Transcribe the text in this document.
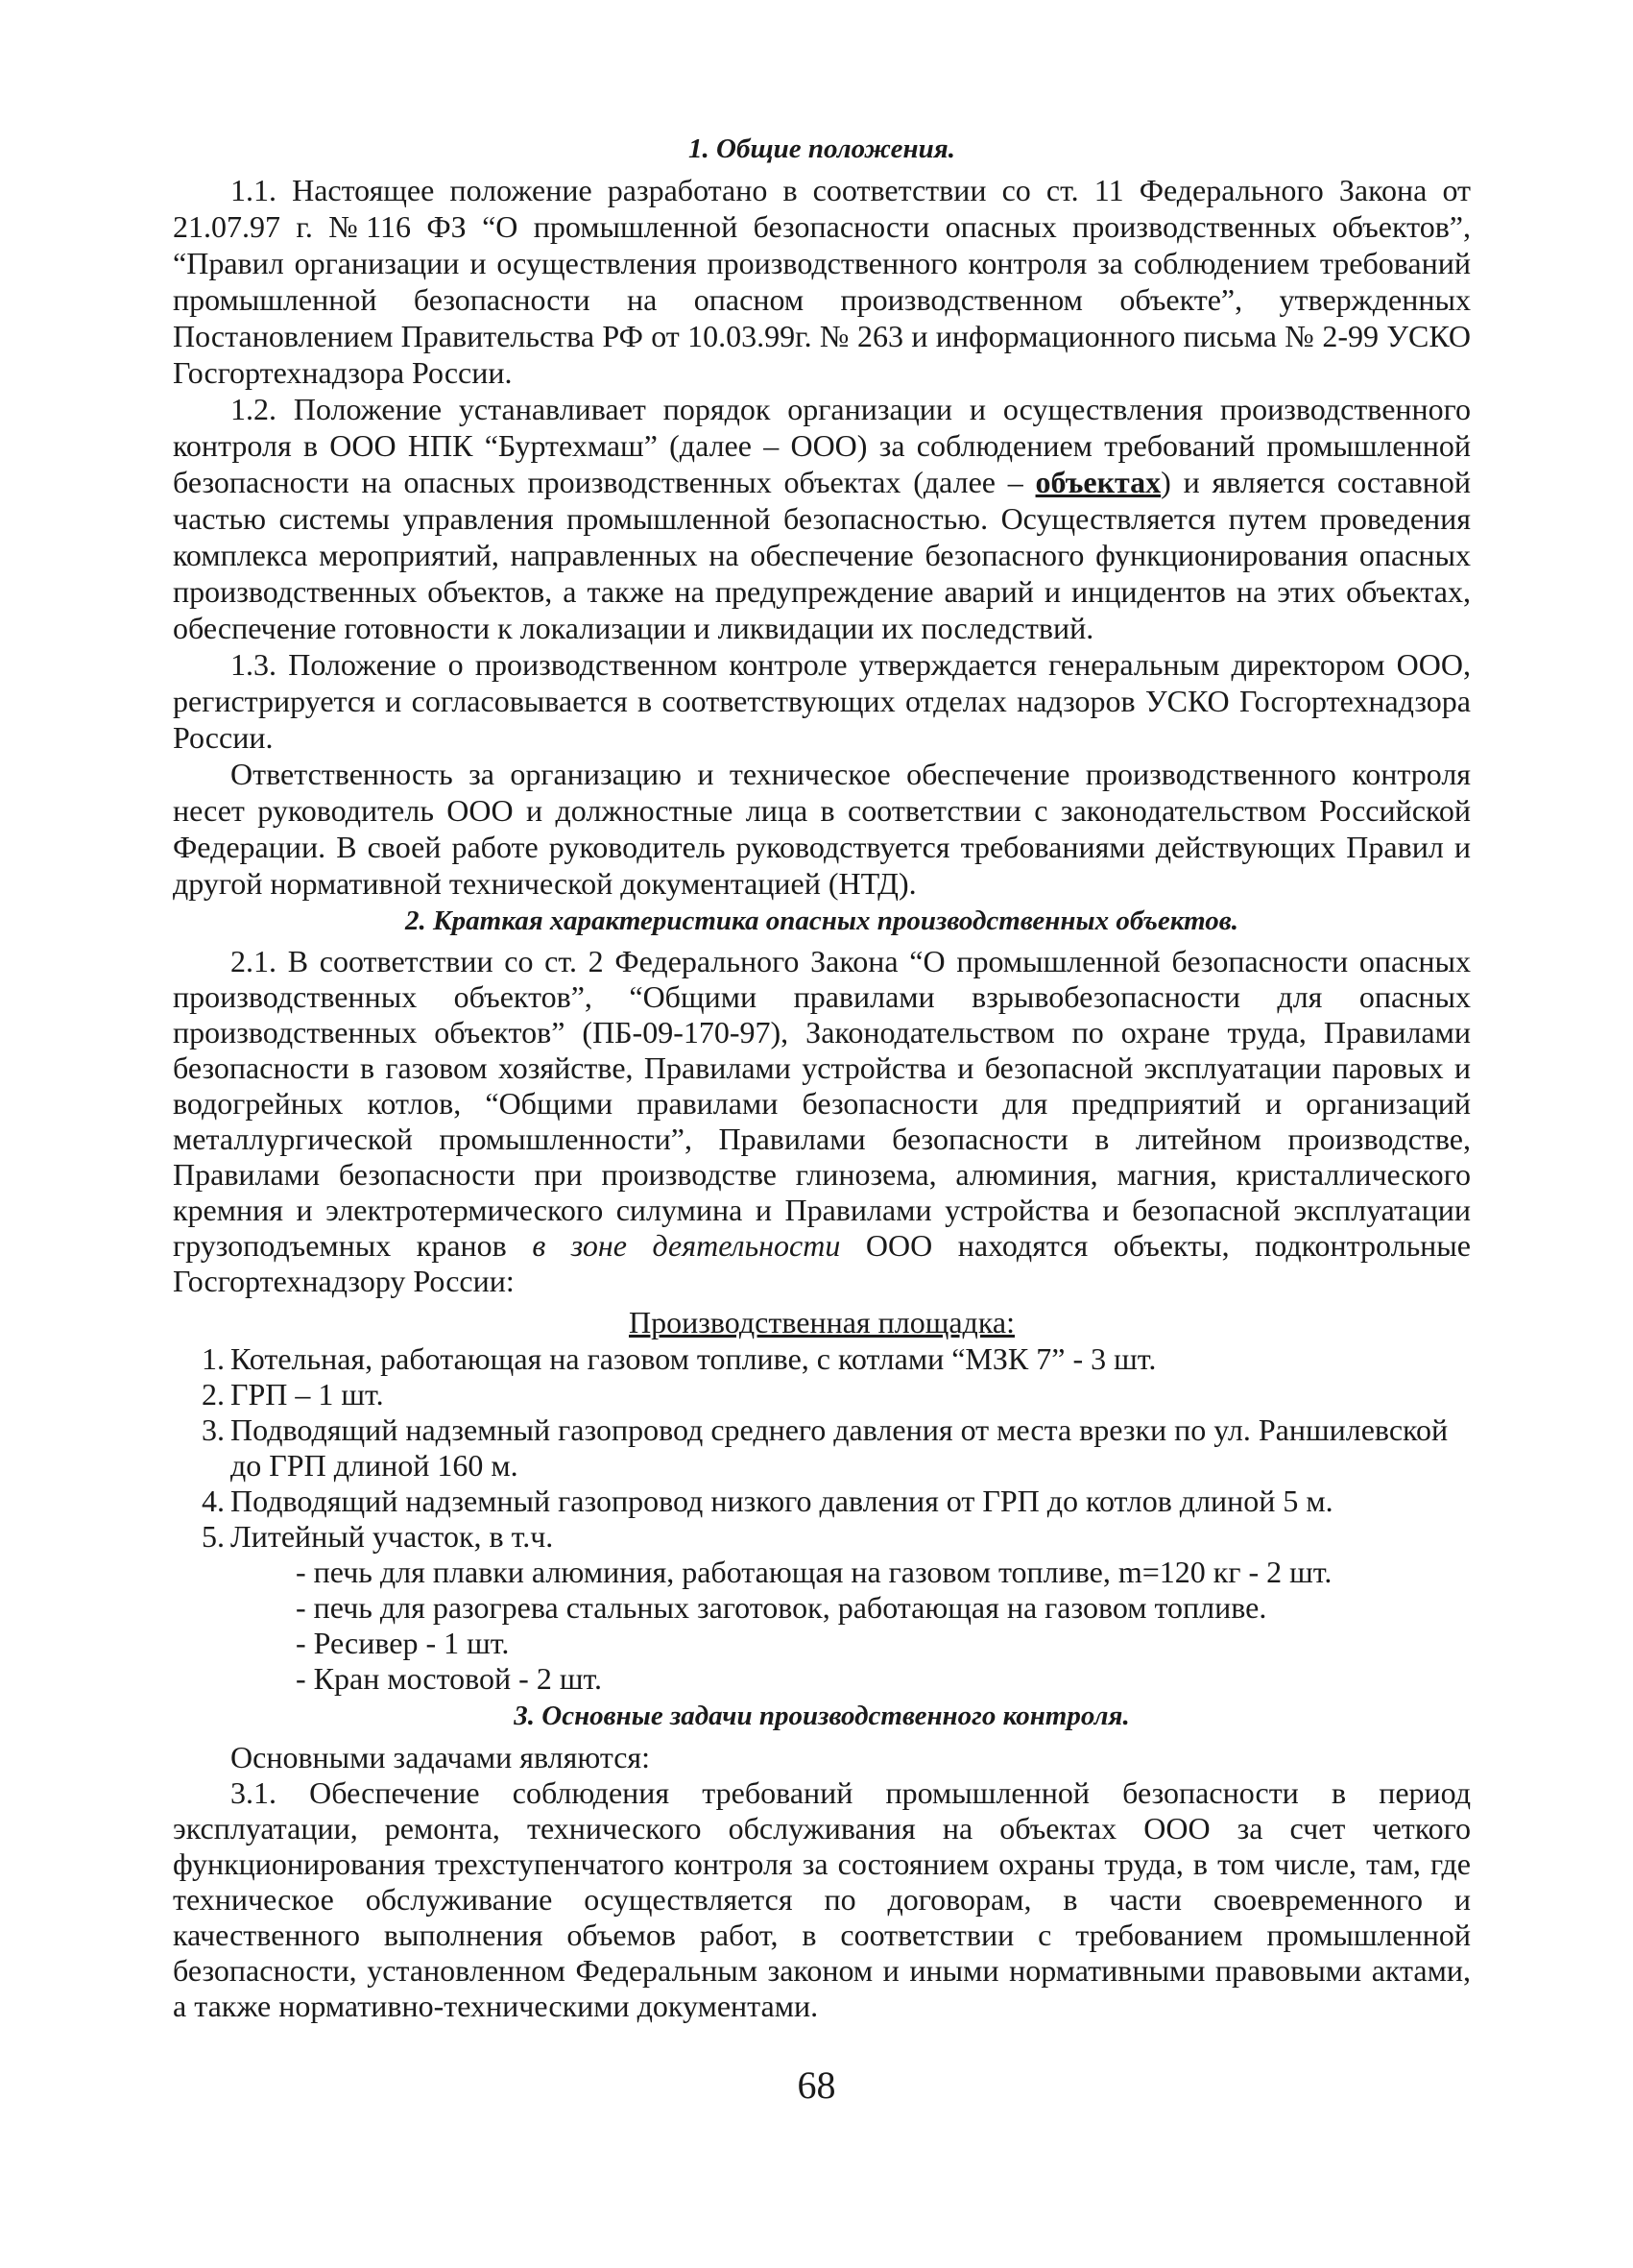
1. Общие положения.

1.1. Настоящее положение разработано в соответствии со ст. 11 Федерального Закона от 21.07.97 г. №116 ФЗ “О промышленной безопасности опасных производственных объектов”, “Правил организации и осуществления производственного контроля за соблюдением требований промышленной безопасности на опасном производственном объекте”, утвержденных Постановлением Правительства РФ от 10.03.99г. № 263 и информационного письма № 2-99 УСКО Госгортехнадзора России.

1.2. Положение устанавливает порядок организации и осуществления производственного контроля в ООО НПК “Буртехмаш” (далее – ООО) за соблюдением требований промышленной безопасности на опасных производственных объектах (далее – объектах) и является составной частью системы управления промышленной безопасностью. Осуществляется путем проведения комплекса мероприятий, направленных на обеспечение безопасного функционирования опасных производственных объектов, а также на предупреждение аварий и инцидентов на этих объектах, обеспечение готовности к локализации и ликвидации их последствий.

1.3. Положение о производственном контроле утверждается генеральным директором ООО, регистрируется и согласовывается в соответствующих отделах надзоров УСКО Госгортехнадзора России.

Ответственность за организацию и техническое обеспечение производственного контроля несет руководитель ООО и должностные лица в соответствии с законодательством Российской Федерации. В своей работе руководитель руководствуется требованиями действующих Правил и другой нормативной технической документацией (НТД).

2. Краткая характеристика опасных производственных объектов.

2.1. В соответствии со ст. 2 Федерального Закона “О промышленной безопасности опасных производственных объектов”, “Общими правилами взрывобезопасности для опасных производственных объектов” (ПБ-09-170-97), Законодательством по охране труда, Правилами безопасности в газовом хозяйстве, Правилами устройства и безопасной эксплуатации паровых и водогрейных котлов, “Общими правилами безопасности для предприятий и организаций металлургической промышленности”, Правилами безопасности в литейном производстве, Правилами безопасности при производстве глинозема, алюминия, магния, кристаллического кремния и электротермического силумина и Правилами устройства и безопасной эксплуатации грузоподъемных кранов в зоне деятельности ООО находятся объекты, подконтрольные Госгортехнадзору России:

Производственная площадка:
1. Котельная, работающая на газовом топливе, с котлами “МЗК 7” - 3 шт.
2. ГРП – 1 шт.
3. Подводящий надземный газопровод среднего давления от места врезки по ул. Раншилевской до ГРП длиной 160 м.
4. Подводящий надземный газопровод низкого давления от ГРП до котлов длиной 5 м.
5. Литейный участок, в т.ч.
- печь для плавки алюминия, работающая на газовом топливе, m=120 кг - 2 шт.
- печь для разогрева стальных заготовок, работающая на газовом топливе.
- Ресивер - 1 шт.
- Кран мостовой - 2 шт.
3. Основные задачи производственного контроля.

Основными задачами являются:

3.1. Обеспечение соблюдения требований промышленной безопасности в период эксплуатации, ремонта, технического обслуживания на объектах ООО за счет четкого функционирования трехступенчатого контроля за состоянием охраны труда, в том числе, там, где техническое обслуживание осуществляется по договорам, в части своевременного и качественного выполнения объемов работ, в соответствии с требованием промышленной безопасности, установленном Федеральным законом и иными нормативными правовыми актами, а также нормативно-техническими документами.

68
